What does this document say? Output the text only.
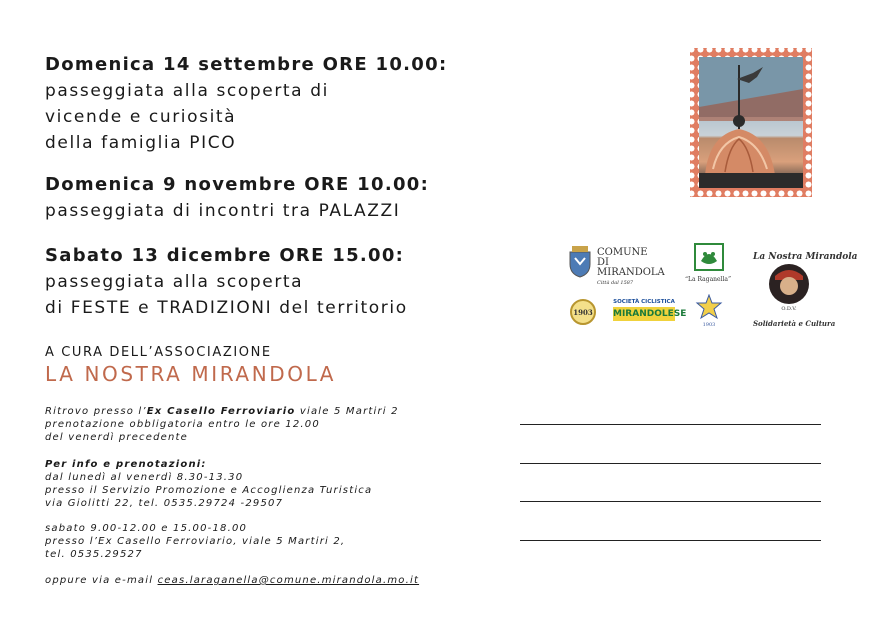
Domenica 14 settembre ORE 10.00:
passeggiata alla scoperta di
vicende e curiosità
della famiglia PICO
Domenica 9 novembre ORE 10.00:
passeggiata di incontri tra PALAZZI
Sabato 13 dicembre ORE 15.00:
passeggiata alla scoperta
di FESTE e TRADIZIONI del territorio
A CURA DELL’ASSOCIAZIONE
LA NOSTRA MIRANDOLA
Ritrovo presso l’Ex Casello Ferroviario viale 5 Martiri 2
prenotazione obbligatoria entro le ore 12.00
del venerdì precedente
Per info e prenotazioni:
dal lunedì al venerdì 8.30-13.30
presso il Servizio Promozione e Accoglienza Turistica
via Giolitti 22, tel. 0535.29724 -29507
sabato 9.00-12.00 e 15.00-18.00
presso l’Ex Casello Ferroviario, viale 5 Martiri 2,
tel. 0535.29527
oppure via e-mail ceas.laraganella@comune.mirandola.mo.it
COMUNE
DI
MIRANDOLA
Città dal 1587	“La Raganella”
La Nostra Mirandola
O.D.V.
Solidarietà e Cultura
1903
SOCIETÀ CICLISTICA
MIRANDOLESE
1903
